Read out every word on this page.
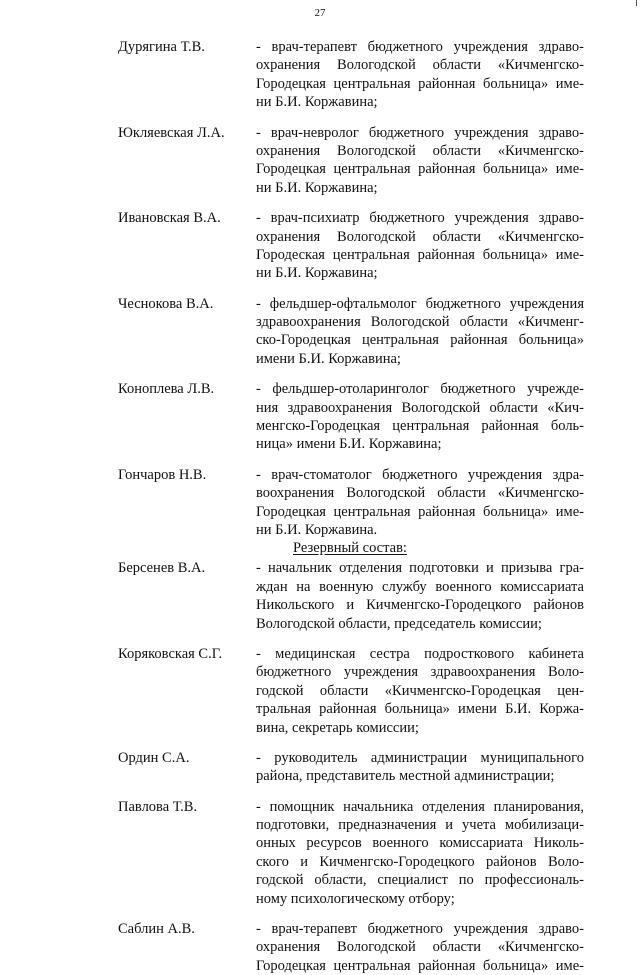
27
Дурягина Т.В.	- врач-терапевт бюджетного учреждения здраво-
охранения Вологодской области «Кичменгско-
Городецкая центральная районная больница» име-
ни Б.И. Коржавина;
Юкляевская Л.А.	- врач-невролог бюджетного учреждения здраво-
охранения Вологодской области «Кичменгско-
Городецкая центральная районная больница» име-
ни Б.И. Коржавина;
Ивановская В.А.	- врач-психиатр бюджетного учреждения здраво-
охранения Вологодской области «Кичменгско-
Городеская центральная районная больница» име-
ни Б.И. Коржавина;
Чеснокова В.А.	- фельдшер-офтальмолог бюджетного учреждения
здравоохранения Вологодской области «Кичменг-
ско-Городецкая центральная районная больница»
имени Б.И. Коржавина;
Коноплева Л.В.	- фельдшер-отоларинголог бюджетного учрежде-
ния здравоохранения Вологодской области «Кич-
менгско-Городецкая центральная районная боль-
ница» имени Б.И. Коржавина;
Гончаров Н.В.	- врач-стоматолог бюджетного учреждения здра-
воохранения Вологодской области «Кичменгско-
Городецкая центральная районная больница» име-
ни Б.И. Коржавина.
Резервный состав:
Берсенев В.А.	- начальник отделения подготовки и призыва гра-
ждан на военную службу военного комиссариата
Никольского и Кичменгско-Городецкого районов
Вологодской области, председатель комиссии;
Коряковская С.Г.	- медицинская сестра подросткового кабинета
бюджетного учреждения здравоохранения Воло-
годской области «Кичменгско-Городецкая цен-
тральная районная больница» имени Б.И. Коржа-
вина, секретарь комиссии;
Ордин С.А.	- руководитель администрации муниципального
района, представитель местной администрации;
Павлова Т.В.	- помощник начальника отделения планирования,
подготовки, предназначения и учета мобилизаци-
онных ресурсов военного комиссариата Николь-
ского и Кичменгско-Городецкого районов Воло-
годской области, специалист по профессиональ-
ному психологическому отбору;
Саблин А.В.	- врач-терапевт бюджетного учреждения здраво-
охранения Вологодской области «Кичменгско-
Городецкая центральная районная больница» име-
